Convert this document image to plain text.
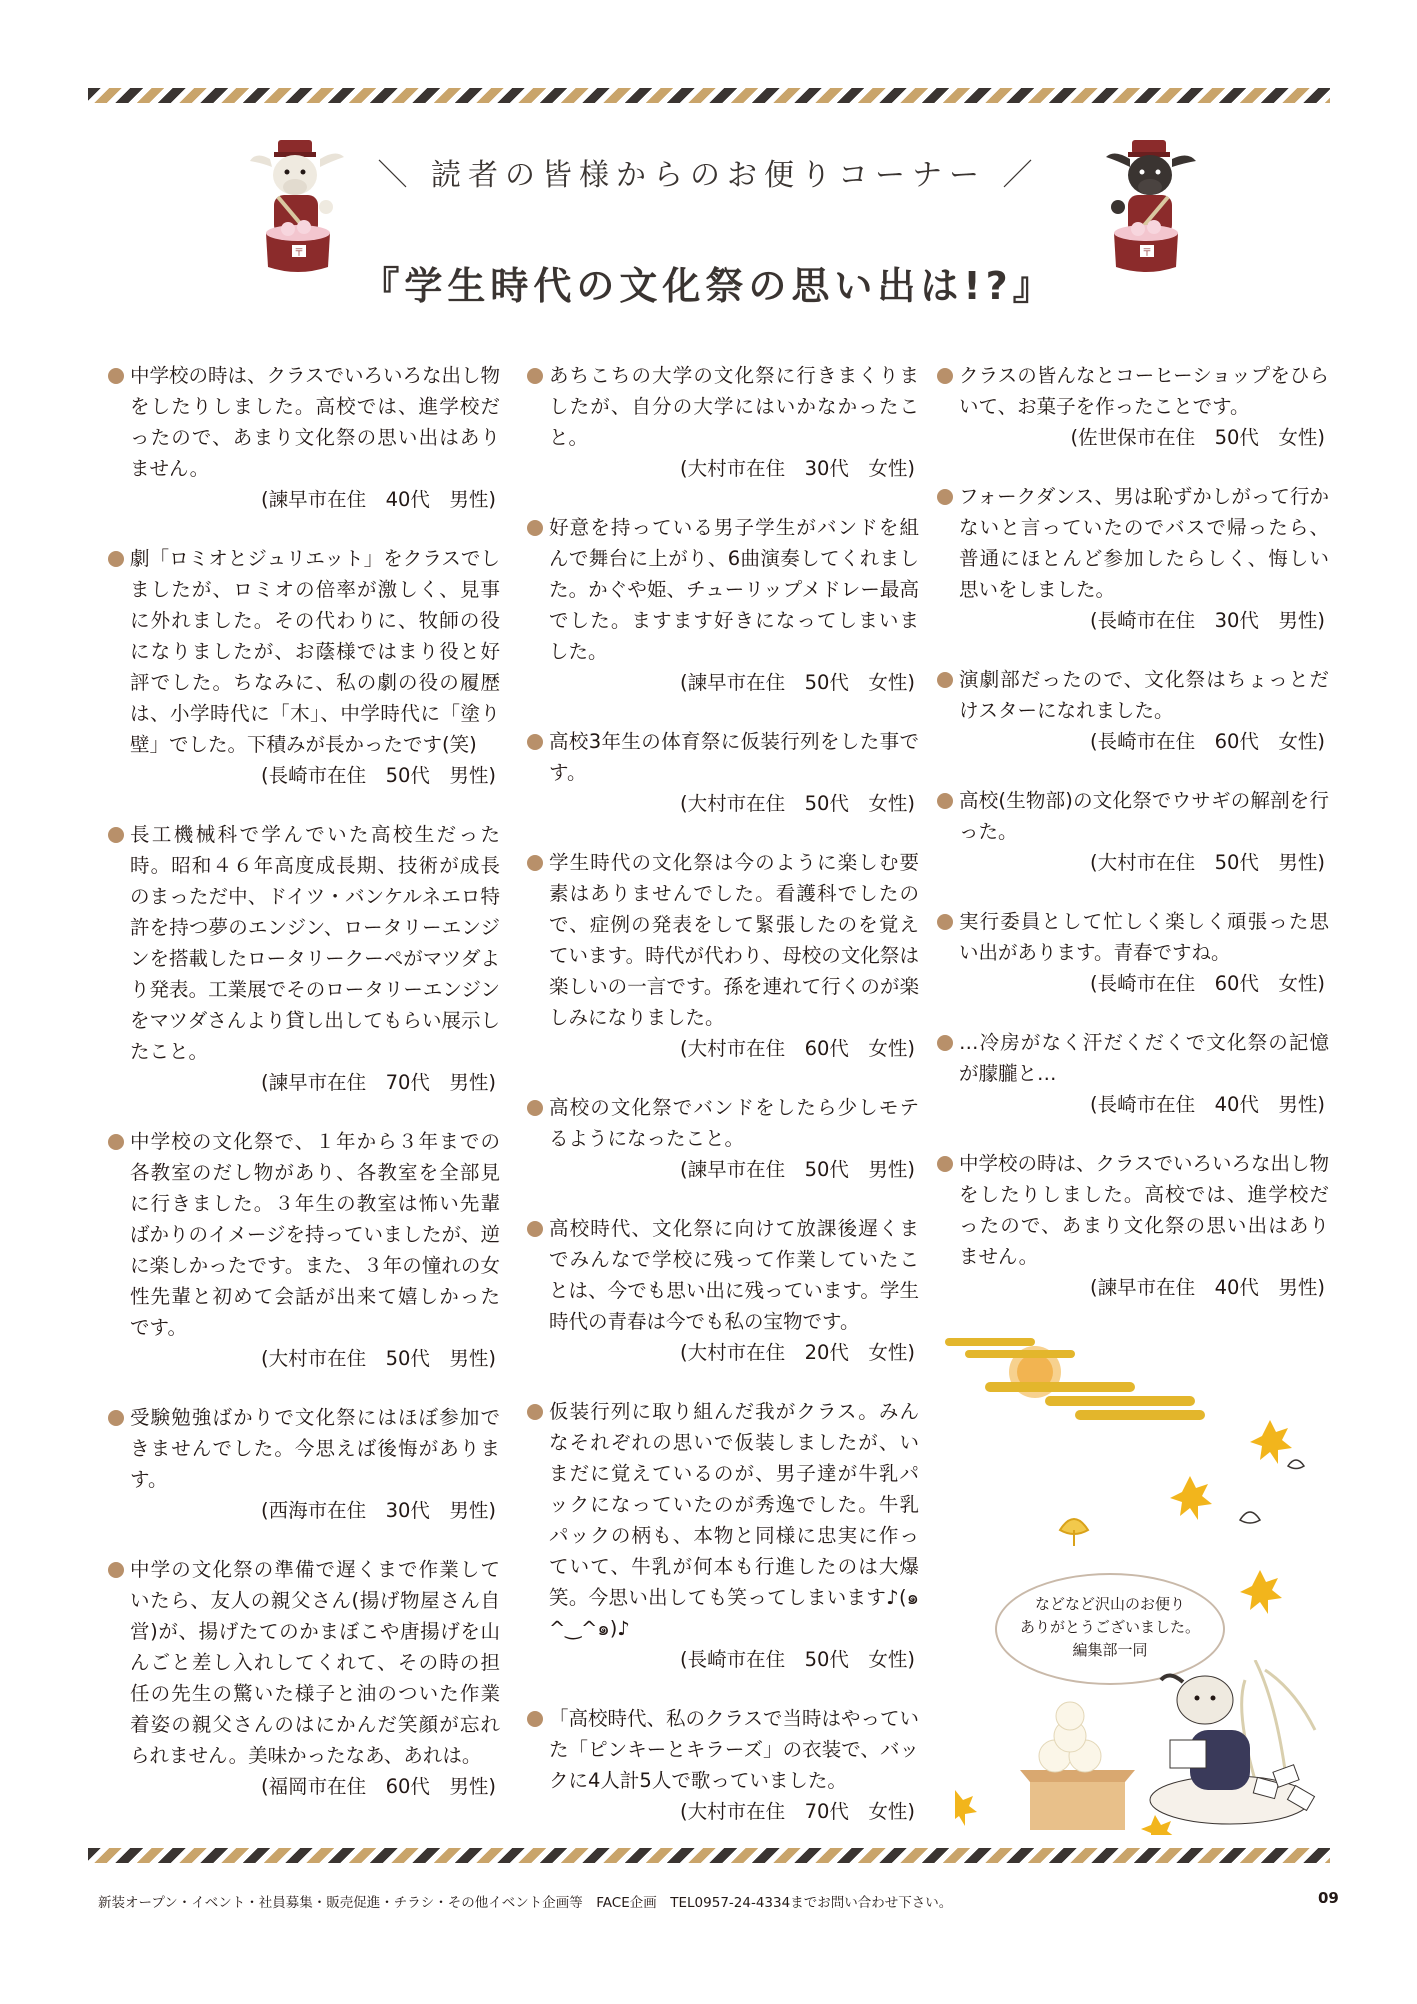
〒	〒
＼ 読者の皆様からのお便りコーナー ／
『学生時代の文化祭の思い出は!?』
中学校の時は、クラスでいろいろな出し物をしたりしました。高校では、進学校だったので、あまり文化祭の思い出はありません。
(諫早市在住　40代　男性)
劇「ロミオとジュリエット」をクラスでしましたが、ロミオの倍率が激しく、見事に外れました。その代わりに、牧師の役になりましたが、お蔭様ではまり役と好評でした。ちなみに、私の劇の役の履歴は、小学時代に「木」、中学時代に「塗り壁」でした。下積みが長かったです(笑)
(長崎市在住　50代　男性)
長工機械科で学んでいた高校生だった時。昭和４６年高度成長期、技術が成長のまっただ中、ドイツ・バンケルネエロ特許を持つ夢のエンジン、ロータリーエンジンを搭載したロータリークーペがマツダより発表。工業展でそのロータリーエンジンをマツダさんより貸し出してもらい展示したこと。
(諫早市在住　70代　男性)
中学校の文化祭で、１年から３年までの各教室のだし物があり、各教室を全部見に行きました。３年生の教室は怖い先輩ばかりのイメージを持っていましたが、逆に楽しかったです。また、３年の憧れの女性先輩と初めて会話が出来て嬉しかったです。
(大村市在住　50代　男性)
受験勉強ばかりで文化祭にはほぼ参加できませんでした。今思えば後悔があります。
(西海市在住　30代　男性)
中学の文化祭の準備で遅くまで作業していたら、友人の親父さん(揚げ物屋さん自営)が、揚げたてのかまぼこや唐揚げを山んごと差し入れしてくれて、その時の担任の先生の驚いた様子と油のついた作業着姿の親父さんのはにかんだ笑顔が忘れられません。美味かったなあ、あれは。
(福岡市在住　60代　男性)
あちこちの大学の文化祭に行きまくりましたが、自分の大学にはいかなかったこと。
(大村市在住　30代　女性)
好意を持っている男子学生がバンドを組んで舞台に上がり、6曲演奏してくれました。かぐや姫、チューリップメドレー最高でした。ますます好きになってしまいました。
(諫早市在住　50代　女性)
高校3年生の体育祭に仮装行列をした事です。
(大村市在住　50代　女性)
学生時代の文化祭は今のように楽しむ要素はありませんでした。看護科でしたので、症例の発表をして緊張したのを覚えています。時代が代わり、母校の文化祭は楽しいの一言です。孫を連れて行くのが楽しみになりました。
(大村市在住　60代　女性)
高校の文化祭でバンドをしたら少しモテるようになったこと。
(諫早市在住　50代　男性)
高校時代、文化祭に向けて放課後遅くまでみんなで学校に残って作業していたことは、今でも思い出に残っています。学生時代の青春は今でも私の宝物です。
(大村市在住　20代　女性)
仮装行列に取り組んだ我がクラス。みんなそれぞれの思いで仮装しましたが、いまだに覚えているのが、男子達が牛乳パックになっていたのが秀逸でした。牛乳パックの柄も、本物と同様に忠実に作っていて、牛乳が何本も行進したのは大爆笑。今思い出しても笑ってしまいます♪(๑^‿^๑)♪
(長崎市在住　50代　女性)
「高校時代、私のクラスで当時はやっていた「ピンキーとキラーズ」の衣装で、バックに4人計5人で歌っていました。
(大村市在住　70代　女性)
クラスの皆んなとコーヒーショップをひらいて、お菓子を作ったことです。
(佐世保市在住　50代　女性)
フォークダンス、男は恥ずかしがって行かないと言っていたのでバスで帰ったら、普通にほとんど参加したらしく、悔しい思いをしました。
(長崎市在住　30代　男性)
演劇部だったので、文化祭はちょっとだけスターになれました。
(長崎市在住　60代　女性)
高校(生物部)の文化祭でウサギの解剖を行った。
(大村市在住　50代　男性)
実行委員として忙しく楽しく頑張った思い出があります。青春ですね。
(長崎市在住　60代　女性)
…冷房がなく汗だくだくで文化祭の記憶が朦朧と…
(長崎市在住　40代　男性)
中学校の時は、クラスでいろいろな出し物をしたりしました。高校では、進学校だったので、あまり文化祭の思い出はありません。
(諫早市在住　40代　男性)
などなど沢山のお便り
ありがとうございました。
編集部一同
新装オープン・イベント・社員募集・販売促進・チラシ・その他イベント企画等　FACE企画　TEL0957-24-4334までお問い合わせ下さい。	09
